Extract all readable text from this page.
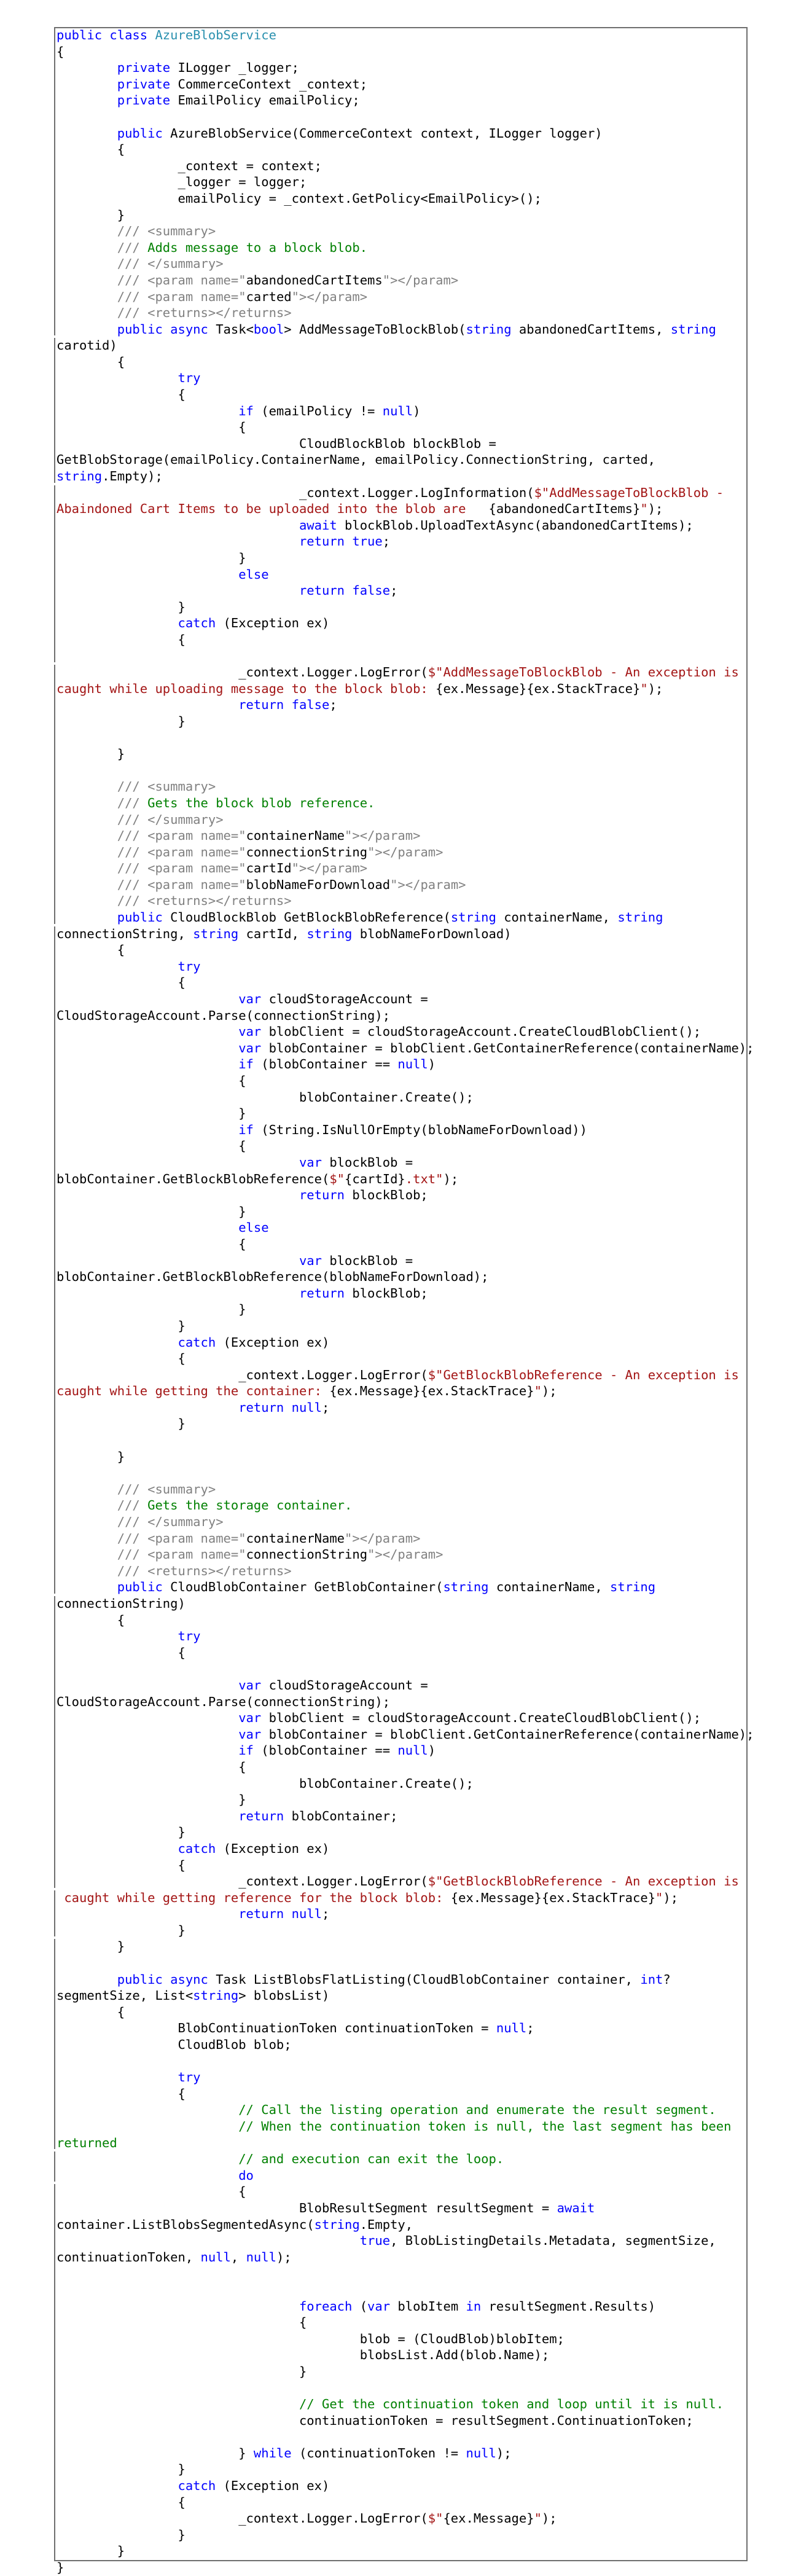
public class AzureBlobService
{
	private ILogger _logger;
	private CommerceContext _context;
	private EmailPolicy emailPolicy;

	public AzureBlobService(CommerceContext context, ILogger logger)
	{
		_context = context;
		_logger = logger;
		emailPolicy = _context.GetPolicy<EmailPolicy>();
	}
	/// <summary>
	/// Adds message to a block blob.
	/// </summary>
	/// <param name="abandonedCartItems"></param>
	/// <param name="carted"></param>
	/// <returns></returns>
	public async Task<bool> AddMessageToBlockBlob(string abandonedCartItems, string
carotid)
	{
		try
		{
			if (emailPolicy != null)
			{
				CloudBlockBlob blockBlob =
GetBlobStorage(emailPolicy.ContainerName, emailPolicy.ConnectionString, carted,
string.Empty);
				_context.Logger.LogInformation($"AddMessageToBlockBlob -
Abaindoned Cart Items to be uploaded into the blob are   {abandonedCartItems}");
				await blockBlob.UploadTextAsync(abandonedCartItems);
				return true;
			}
			else
				return false;
		}
		catch (Exception ex)
		{

			_context.Logger.LogError($"AddMessageToBlockBlob - An exception is
caught while uploading message to the block blob: {ex.Message}{ex.StackTrace}");
			return false;
		}

	}

	/// <summary>
	/// Gets the block blob reference.
	/// </summary>
	/// <param name="containerName"></param>
	/// <param name="connectionString"></param>
	/// <param name="cartId"></param>
	/// <param name="blobNameForDownload"></param>
	/// <returns></returns>
	public CloudBlockBlob GetBlockBlobReference(string containerName, string
connectionString, string cartId, string blobNameForDownload)
	{
		try
		{
			var cloudStorageAccount =
CloudStorageAccount.Parse(connectionString);
			var blobClient = cloudStorageAccount.CreateCloudBlobClient();
			var blobContainer = blobClient.GetContainerReference(containerName);
			if (blobContainer == null)
			{
				blobContainer.Create();
			}
			if (String.IsNullOrEmpty(blobNameForDownload))
			{
				var blockBlob =
blobContainer.GetBlockBlobReference($"{cartId}.txt");
				return blockBlob;
			}
			else
			{
				var blockBlob =
blobContainer.GetBlockBlobReference(blobNameForDownload);
				return blockBlob;
			}
		}
		catch (Exception ex)
		{
			_context.Logger.LogError($"GetBlockBlobReference - An exception is
caught while getting the container: {ex.Message}{ex.StackTrace}");
			return null;
		}

	}

	/// <summary>
	/// Gets the storage container.
	/// </summary>
	/// <param name="containerName"></param>
	/// <param name="connectionString"></param>
	/// <returns></returns>
	public CloudBlobContainer GetBlobContainer(string containerName, string
connectionString)
	{
		try
		{

			var cloudStorageAccount =
CloudStorageAccount.Parse(connectionString);
			var blobClient = cloudStorageAccount.CreateCloudBlobClient();
			var blobContainer = blobClient.GetContainerReference(containerName);
			if (blobContainer == null)
			{
				blobContainer.Create();
			}
			return blobContainer;
		}
		catch (Exception ex)
		{
			_context.Logger.LogError($"GetBlockBlobReference - An exception is
caught while getting reference for the block blob: {ex.Message}{ex.StackTrace}");
			return null;
		}
	}

	public async Task ListBlobsFlatListing(CloudBlobContainer container, int?
segmentSize, List<string> blobsList)
	{
		BlobContinuationToken continuationToken = null;
		CloudBlob blob;

		try
		{
			// Call the listing operation and enumerate the result segment.
			// When the continuation token is null, the last segment has been
returned
			// and execution can exit the loop.
			do
			{
				BlobResultSegment resultSegment = await
container.ListBlobsSegmentedAsync(string.Empty,
					true, BlobListingDetails.Metadata, segmentSize,
continuationToken, null, null);

				foreach (var blobItem in resultSegment.Results)
				{
					blob = (CloudBlob)blobItem;
					blobsList.Add(blob.Name);
				}

				// Get the continuation token and loop until it is null.
				continuationToken = resultSegment.ContinuationToken;

			} while (continuationToken != null);
		}
		catch (Exception ex)
		{
			_context.Logger.LogError($"{ex.Message}");
		}
	}
}
